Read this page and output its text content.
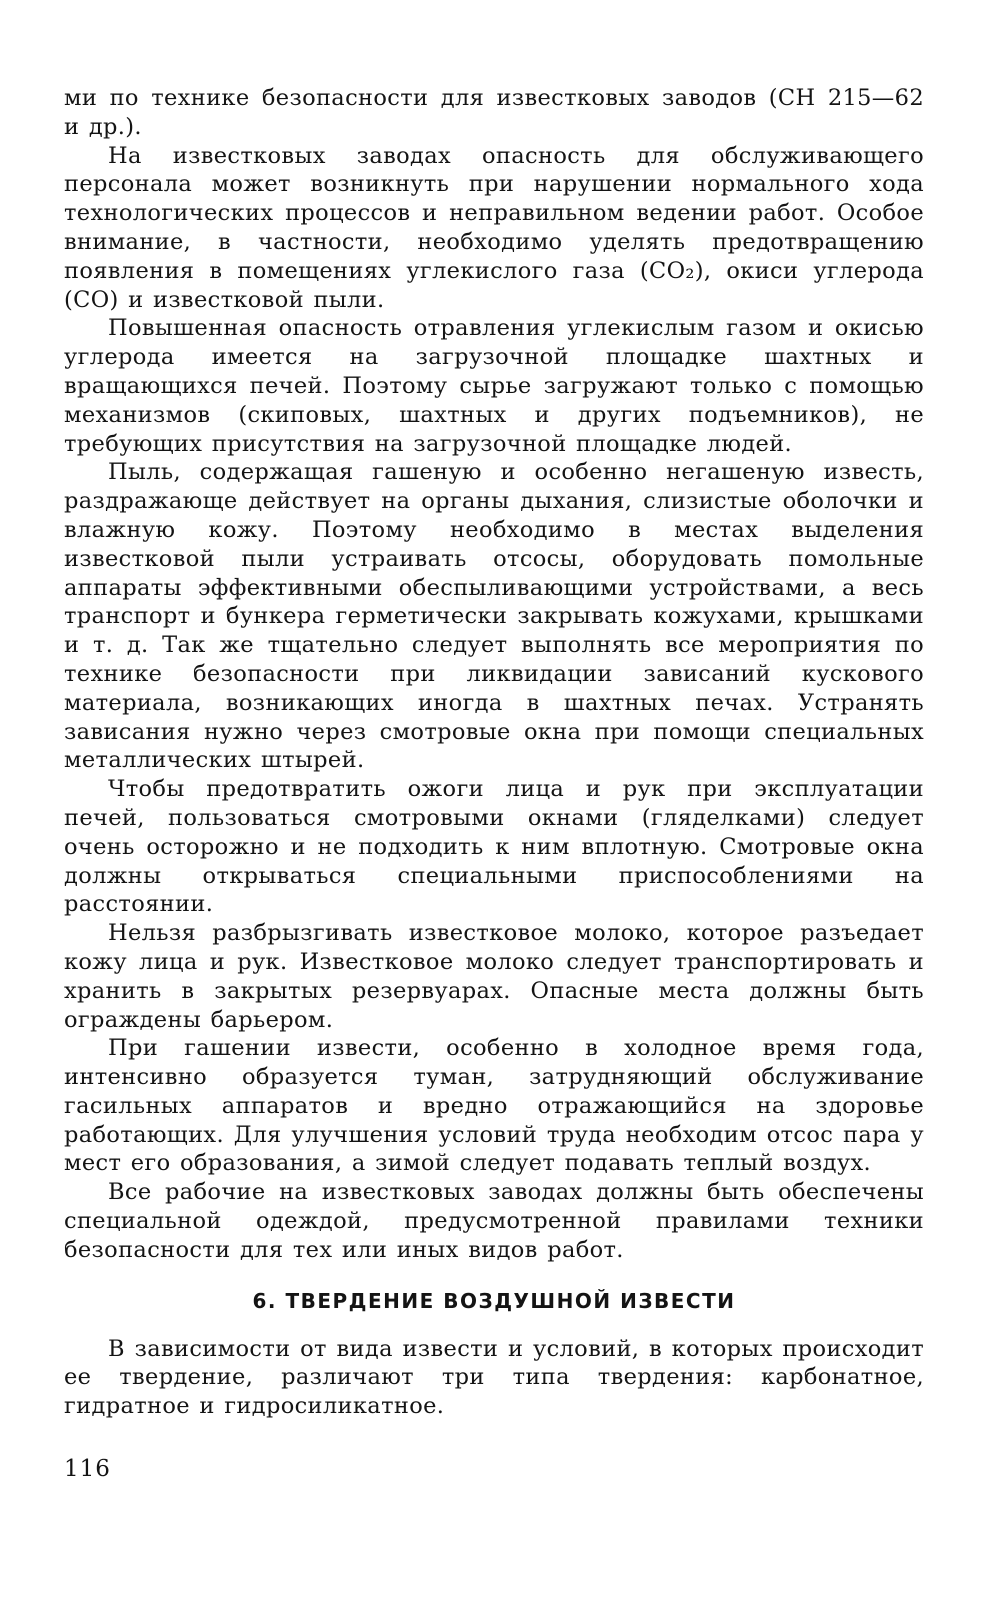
ми по технике безопасности для известковых заводов (СН 215—62 и др.).

На известковых заводах опасность для обслуживающего персонала может возникнуть при нарушении нормального хода технологических процессов и неправильном ведении работ. Особое внимание, в частности, необходимо уделять предотвращению появления в помещениях углекислого газа (CO₂), окиси углерода (CO) и известковой пыли.

Повышенная опасность отравления углекислым газом и окисью углерода имеется на загрузочной площадке шахтных и вращающихся печей. Поэтому сырье загружают только с помощью механизмов (скиповых, шахтных и других подъемников), не требующих присутствия на загрузочной площадке людей.

Пыль, содержащая гашеную и особенно негашеную известь, раздражающе действует на органы дыхания, слизистые оболочки и влажную кожу. Поэтому необходимо в местах выделения известковой пыли устраивать отсосы, оборудовать помольные аппараты эффективными обеспыливающими устройствами, а весь транспорт и бункера герметически закрывать кожухами, крышками и т. д. Так же тщательно следует выполнять все мероприятия по технике безопасности при ликвидации зависаний кускового материала, возникающих иногда в шахтных печах. Устранять зависания нужно через смотровые окна при помощи специальных металлических штырей.

Чтобы предотвратить ожоги лица и рук при эксплуатации печей, пользоваться смотровыми окнами (гляделками) следует очень осторожно и не подходить к ним вплотную. Смотровые окна должны открываться специальными приспособлениями на расстоянии.

Нельзя разбрызгивать известковое молоко, которое разъедает кожу лица и рук. Известковое молоко следует транспортировать и хранить в закрытых резервуарах. Опасные места должны быть ограждены барьером.

При гашении извести, особенно в холодное время года, интенсивно образуется туман, затрудняющий обслуживание гасильных аппаратов и вредно отражающийся на здоровье работающих. Для улучшения условий труда необходим отсос пара у мест его образования, а зимой следует подавать теплый воздух.

Все рабочие на известковых заводах должны быть обеспечены специальной одеждой, предусмотренной правилами техники безопасности для тех или иных видов работ.

6. ТВЕРДЕНИЕ ВОЗДУШНОЙ ИЗВЕСТИ

В зависимости от вида извести и условий, в которых происходит ее твердение, различают три типа твердения: карбонатное, гидратное и гидросиликатное.

116
